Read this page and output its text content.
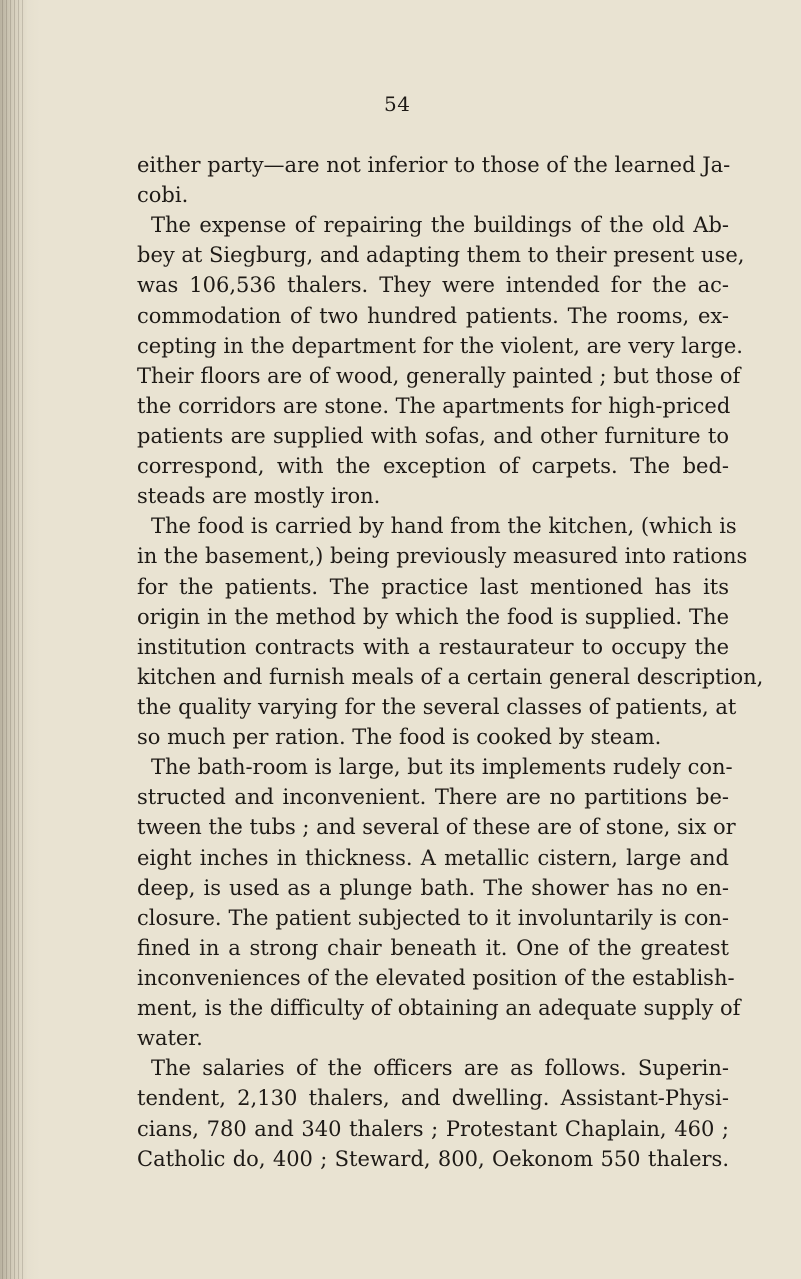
54
either party—are not inferior to those of the learned Ja-
cobi.
The expense of repairing the buildings of the old Ab-
bey at Siegburg, and adapting them to their present use,
was 106,536 thalers. They were intended for the ac-
commodation of two hundred patients. The rooms, ex-
cepting in the department for the violent, are very large.
Their floors are of wood, generally painted ; but those of
the corridors are stone. The apartments for high-priced
patients are supplied with sofas, and other furniture to
correspond, with the exception of carpets. The bed-
steads are mostly iron.
The food is carried by hand from the kitchen, (which is
in the basement,) being previously measured into rations
for the patients. The practice last mentioned has its
origin in the method by which the food is supplied. The
institution contracts with a restaurateur to occupy the
kitchen and furnish meals of a certain general description,
the quality varying for the several classes of patients, at
so much per ration. The food is cooked by steam.
The bath-room is large, but its implements rudely con-
structed and inconvenient. There are no partitions be-
tween the tubs ; and several of these are of stone, six or
eight inches in thickness. A metallic cistern, large and
deep, is used as a plunge bath. The shower has no en-
closure. The patient subjected to it involuntarily is con-
fined in a strong chair beneath it. One of the greatest
inconveniences of the elevated position of the establish-
ment, is the difficulty of obtaining an adequate supply of
water.
The salaries of the officers are as follows. Superin-
tendent, 2,130 thalers, and dwelling. Assistant-Physi-
cians, 780 and 340 thalers ; Protestant Chaplain, 460 ;
Catholic do, 400 ; Steward, 800, Oekonom 550 thalers.
